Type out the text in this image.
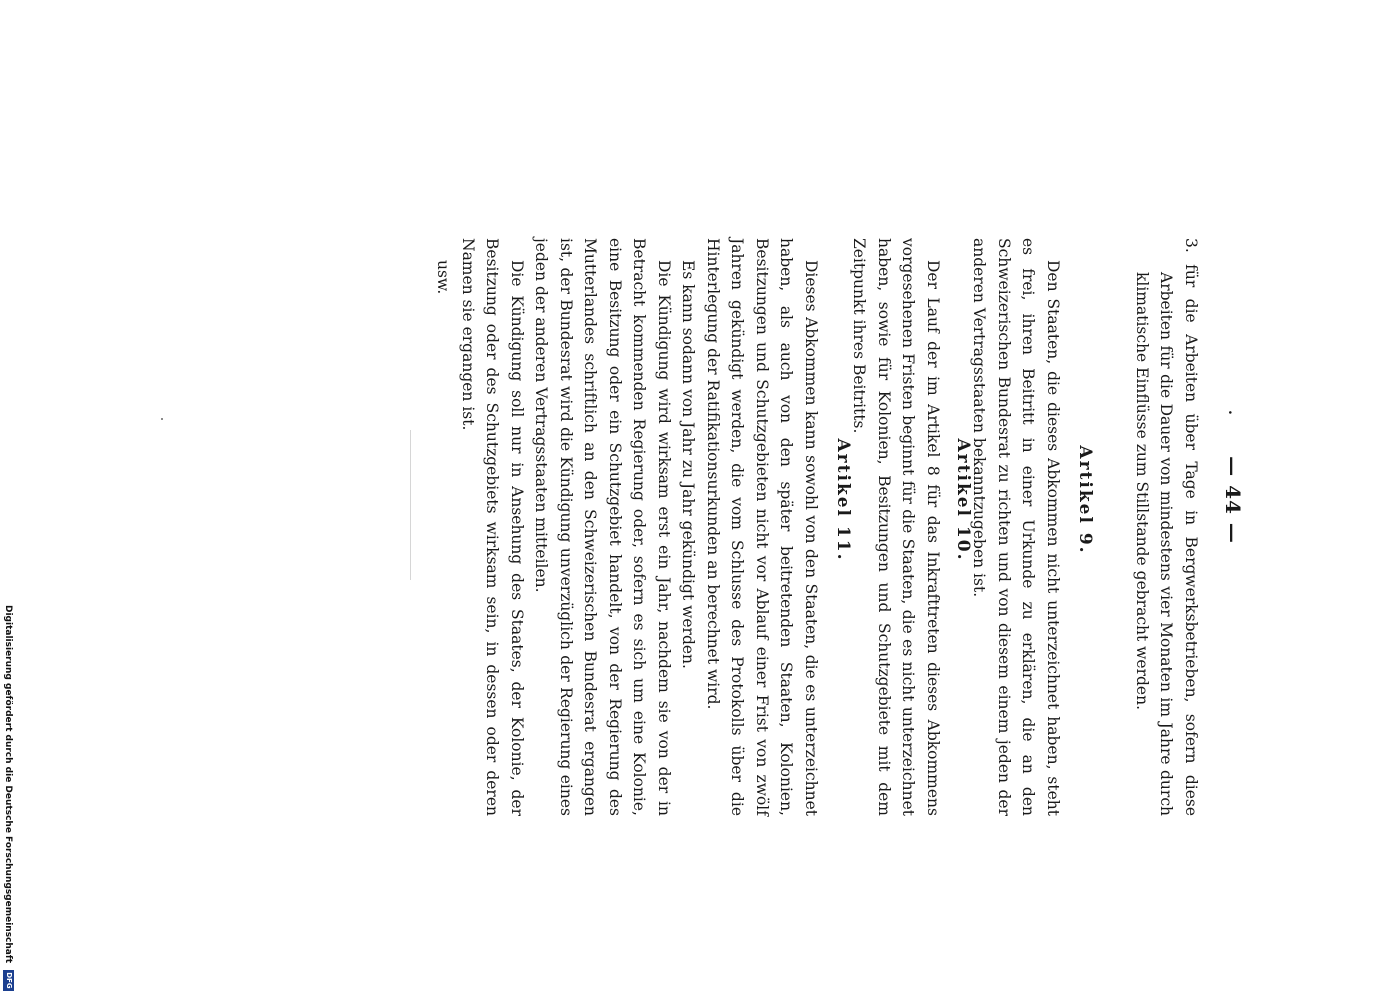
.
— 44 —

3. für die Arbeiten über Tage in Bergwerksbetrieben, sofern diese Arbeiten für die Dauer von mindestens vier Monaten im Jahre durch klimatische Einflüsse zum Stillstande gebracht werden.

Artikel 9.

Den Staaten, die dieses Abkommen nicht unterzeichnet haben, steht es frei, ihren Beitritt in einer Urkunde zu erklären, die an den Schweizerischen Bundesrat zu richten und von diesem einem jeden der anderen Vertragsstaaten bekanntzugeben ist.

Artikel 10.

Der Lauf der im Artikel 8 für das Inkrafttreten dieses Abkommens vorgesehenen Fristen beginnt für die Staaten, die es nicht unterzeichnet haben, sowie für Kolonien, Besitzungen und Schutzgebiete mit dem Zeitpunkt ihres Beitritts.

Artikel 11.

Dieses Abkommen kann sowohl von den Staaten, die es unterzeichnet haben, als auch von den später beitretenden Staaten, Kolonien, Besitzungen und Schutzgebieten nicht vor Ablauf einer Frist von zwölf Jahren gekündigt werden, die vom Schlusse des Protokolls über die Hinterlegung der Ratifikationsurkunden an berechnet wird.

Es kann sodann von Jahr zu Jahr gekündigt werden.

Die Kündigung wird wirksam erst ein Jahr, nachdem sie von der in Betracht kommenden Regierung oder, sofern es sich um eine Kolonie, eine Besitzung oder ein Schutzgebiet handelt, von der Regierung des Mutterlandes schriftlich an den Schweizerischen Bundesrat ergangen ist, der Bundesrat wird die Kündigung unverzüglich der Regierung eines jeden der anderen Vertragsstaaten mitteilen.

Die Kündigung soll nur in Ansehung des Staates, der Kolonie, der Besitzung oder des Schutzgebiets wirksam sein, in dessen oder deren Namen sie ergangen ist.

usw.

Digitalisierung gefördert durch die Deutsche Forschungsgemeinschaft DFG
